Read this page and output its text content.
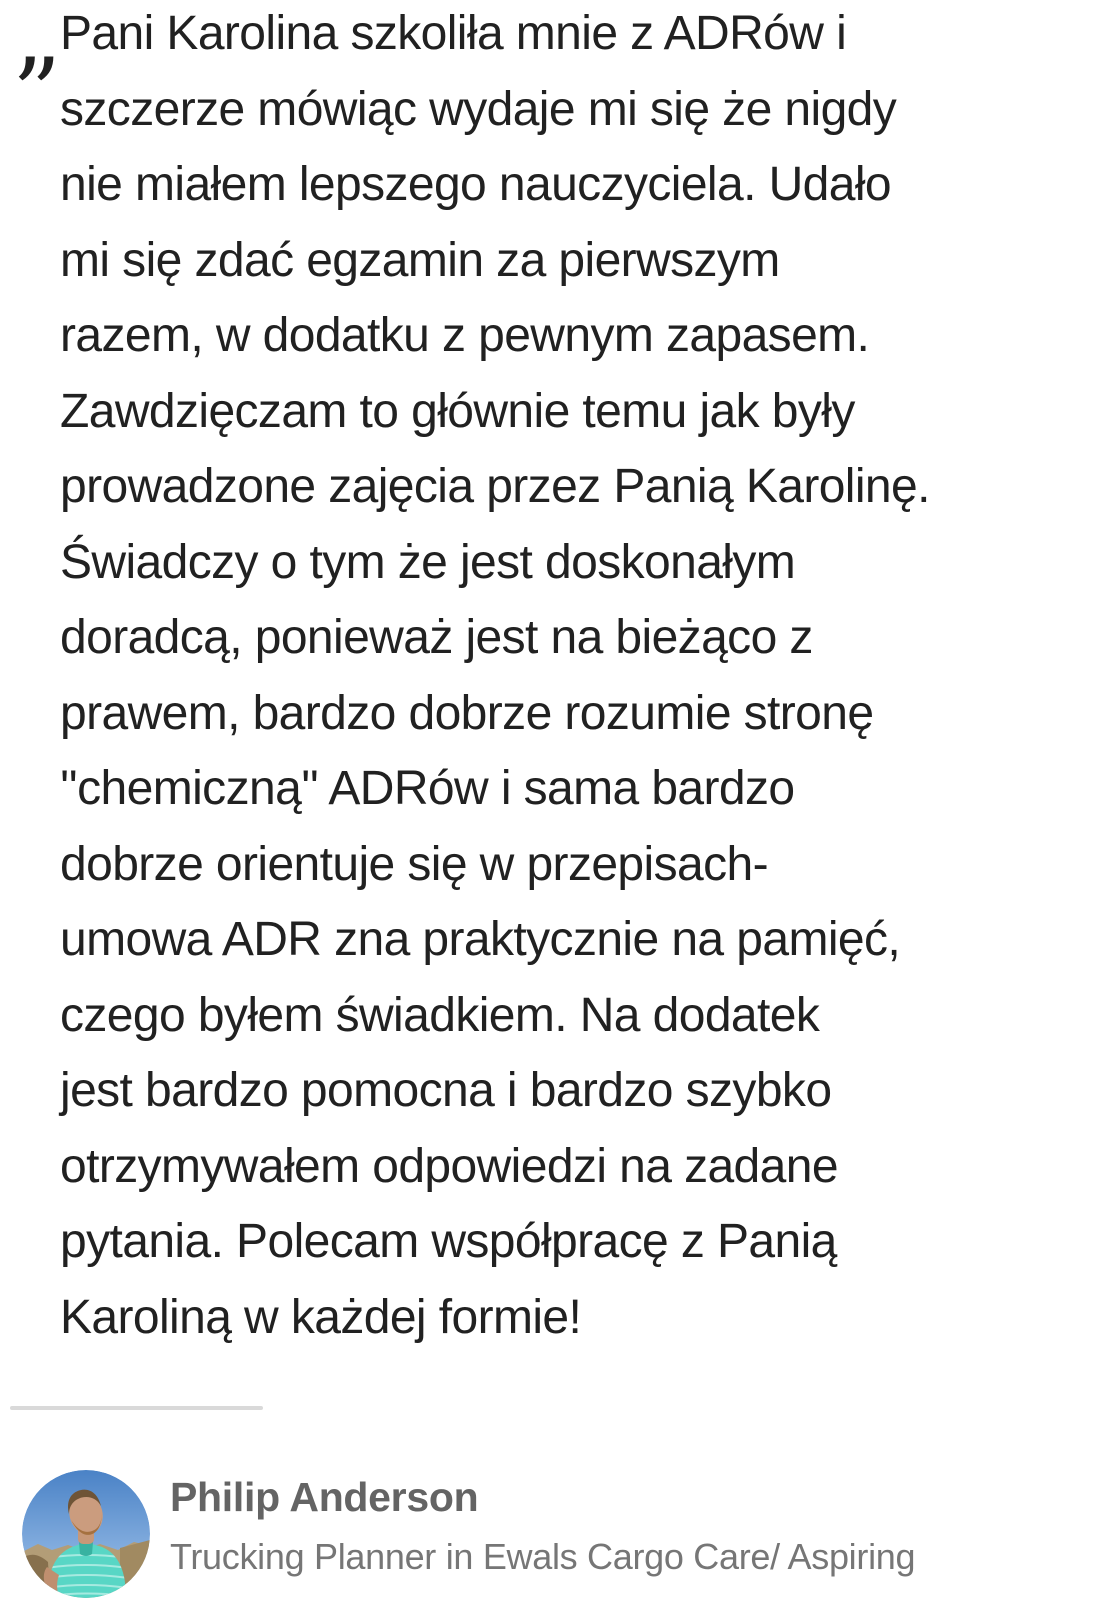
”
Pani Karolina szkoliła mnie z ADRów i
szczerze mówiąc wydaje mi się że nigdy
nie miałem lepszego nauczyciela. Udało
mi się zdać egzamin za pierwszym
razem, w dodatku z pewnym zapasem.
Zawdzięczam to głównie temu jak były
prowadzone zajęcia przez Panią Karolinę.
Świadczy o tym że jest doskonałym
doradcą, ponieważ jest na bieżąco z
prawem, bardzo dobrze rozumie stronę
''chemiczną'' ADRów i sama bardzo
dobrze orientuje się w przepisach-
umowa ADR zna praktycznie na pamięć,
czego byłem świadkiem. Na dodatek
jest bardzo pomocna i bardzo szybko
otrzymywałem odpowiedzi na zadane
pytania. Polecam współpracę z Panią
Karoliną w każdej formie!
Philip Anderson
Trucking Planner in Ewals Cargo Care/ Aspiring
